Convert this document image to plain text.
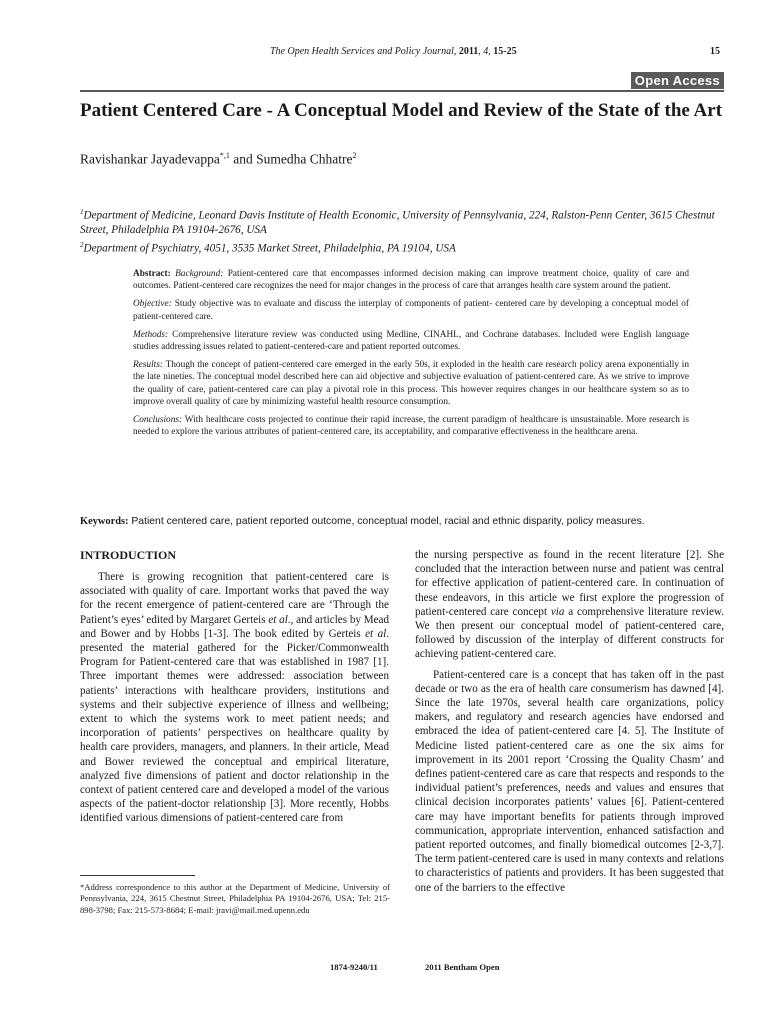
The Open Health Services and Policy Journal, 2011, 4, 15-25	15
Open Access
Patient Centered Care - A Conceptual Model and Review of the State of the Art
Ravishankar Jayadevappa$^{*,1}$ and Sumedha Chhatre$^2$
$^1$Department of Medicine, Leonard Davis Institute of Health Economic, University of Pennsylvania, 224, Ralston-Penn Center, 3615 Chestnut Street, Philadelphia PA 19104-2676, USA
$^2$Department of Psychiatry, 4051, 3535 Market Street, Philadelphia, PA 19104, USA

Abstract: Background: Patient-centered care that encompasses informed decision making can improve treatment choice, quality of care and outcomes. Patient-centered care recognizes the need for major changes in the process of care that arranges health care system around the patient.

Objective: Study objective was to evaluate and discuss the interplay of components of patient- centered care by developing a conceptual model of patient-centered care.

Methods: Comprehensive literature review was conducted using Medline, CINAHL, and Cochrane databases. Included were English language studies addressing issues related to patient-centered-care and patient reported outcomes.

Results: Though the concept of patient-centered care emerged in the early 50s, it exploded in the health care research policy arena exponentially in the late nineties. The conceptual model described here can aid objective and subjective evaluation of patient-centered care. As we strive to improve the quality of care, patient-centered care can play a pivotal role in this process. This however requires changes in our healthcare system so as to improve overall quality of care by minimizing wasteful health resource consumption.

Conclusions: With healthcare costs projected to continue their rapid increase, the current paradigm of healthcare is unsustainable. More research is needed to explore the various attributes of patient-centered care, its acceptability, and comparative effectiveness in the healthcare arena.

Keywords: Patient centered care, patient reported outcome, conceptual model, racial and ethnic disparity, policy measures.
INTRODUCTION

There is growing recognition that patient-centered care is associated with quality of care. Important works that paved the way for the recent emergence of patient-centered care are ‘Through the Patient’s eyes’ edited by Margaret Gerteis et al., and articles by Mead and Bower and by Hobbs [1-3]. The book edited by Gerteis et al. presented the material gathered for the Picker/Commonwealth Program for Patient-centered care that was established in 1987 [1]. Three important themes were addressed: association between patients’ interactions with healthcare providers, institutions and systems and their subjective experience of illness and wellbeing; extent to which the systems work to meet patient needs; and incorporation of patients’ perspectives on healthcare quality by health care providers, managers, and planners. In their article, Mead and Bower reviewed the conceptual and empirical literature, analyzed five dimensions of patient and doctor relationship in the context of patient centered care and developed a model of the various aspects of the patient-doctor relationship [3]. More recently, Hobbs identified various dimensions of patient-centered care from

the nursing perspective as found in the recent literature [2]. She concluded that the interaction between nurse and patient was central for effective application of patient-centered care. In continuation of these endeavors, in this article we first explore the progression of patient-centered care concept via a comprehensive literature review. We then present our conceptual model of patient-centered care, followed by discussion of the interplay of different constructs for achieving patient-centered care.

Patient-centered care is a concept that has taken off in the past decade or two as the era of health care consumerism has dawned [4]. Since the late 1970s, several health care organizations, policy makers, and regulatory and research agencies have endorsed and embraced the idea of patient-centered care [4. 5]. The Institute of Medicine listed patient-centered care as one the six aims for improvement in its 2001 report ‘Crossing the Quality Chasm’ and defines patient-centered care as care that respects and responds to the individual patient’s preferences, needs and values and ensures that clinical decision incorporates patients’ values [6]. Patient-centered care may have important benefits for patients through improved communication, appropriate intervention, enhanced satisfaction and patient reported outcomes, and finally biomedical outcomes [2-3,7]. The term patient-centered care is used in many contexts and relations to characteristics of patients and providers. It has been suggested that one of the barriers to the effective

*Address correspondence to this author at the Department of Medicine, University of Pennsylvania, 224, 3615 Chestnut Street, Philadelphia PA 19104-2676, USA; Tel: 215-898-3798; Fax: 215-573-8684; E-mail: jravi@mail.med.upenn.edu
1874-9240/11	2011 Bentham Open
